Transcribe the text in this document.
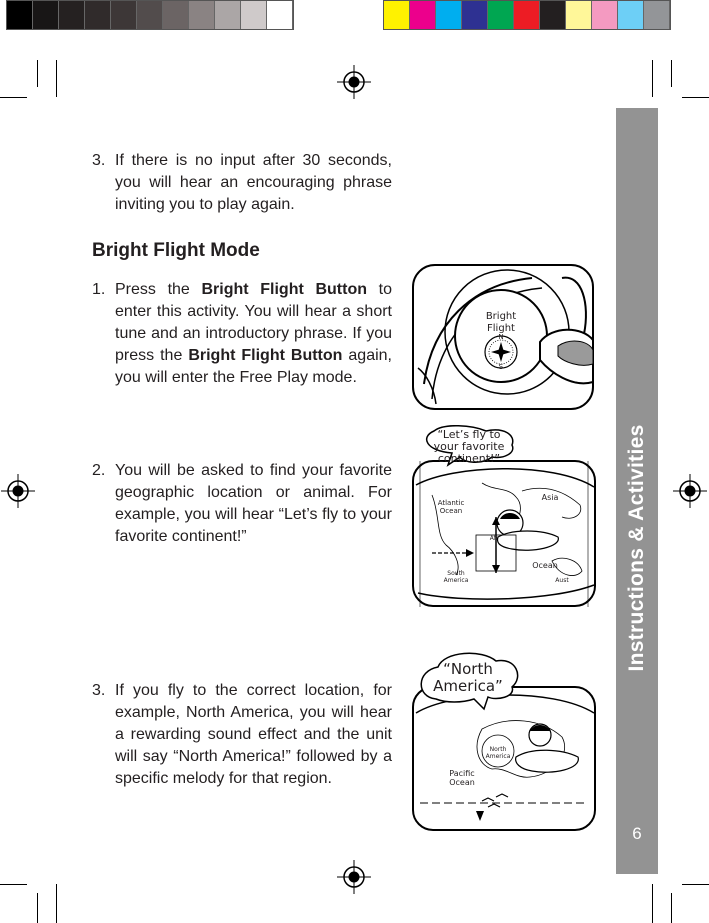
Instructions & Activities
6
3. If there is no input after 30 seconds, you will hear an encouraging phrase inviting you to play again.
Bright Flight Mode
1. Press the Bright Flight Button to enter this activity. You will hear a short tune and an introductory phrase. If you press the Bright Flight Button again, you will enter the Free Play mode.
2. You will be asked to find your favorite geographic location or animal. For example, you will hear “Let’s fly to your favorite continent!”
3. If you fly to the correct location, for example, North America, you will hear a rewarding sound effect and the unit will say “North America!” followed by a specific melody for that region.
Bright
Flight
N
S
“Let’s fly to
your favorite
continent!”
Atlantic
Ocean
Asia
Afr
South
America
Ocean
Aust
“North
America”
North
America
Pacific
Ocean
